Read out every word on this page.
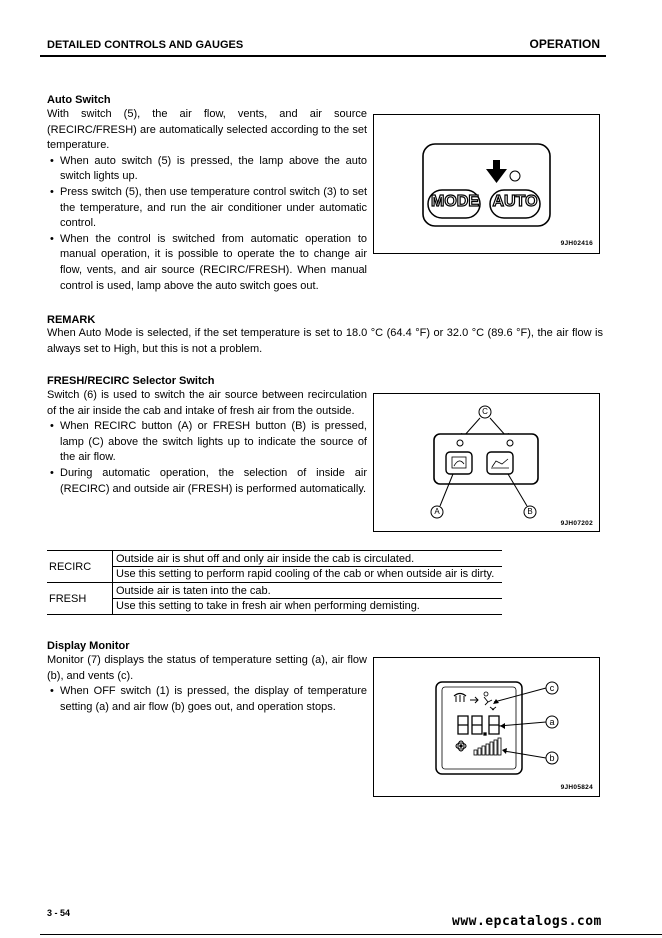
DETAILED CONTROLS AND GAUGES	OPERATION
Auto Switch
With switch (5), the air flow, vents, and air source (RECIRC/FRESH) are automatically selected according to the set temperature.
• When auto switch (5) is pressed, the lamp above the auto switch lights up.
• Press switch (5), then use temperature control switch (3) to set the temperature, and run the air conditioner under automatic control.
• When the control is switched from automatic operation to manual operation, it is possible to operate the to change air flow, vents, and air source (RECIRC/FRESH). When manual control is used, lamp above the auto switch goes out.
MODE AUTO
9JH02416
REMARK
When Auto Mode is selected, if the set temperature is set to 18.0 °C (64.4 °F) or 32.0 °C (89.6 °F), the air flow is always set to High, but this is not a problem.
FRESH/RECIRC Selector Switch
Switch (6) is used to switch the air source between recirculation of the air inside the cab and intake of fresh air from the outside.
• When RECIRC button (A) or FRESH button (B) is pressed, lamp (C) above the switch lights up to indicate the source of the air flow.
• During automatic operation, the selection of inside air (RECIRC) and outside air (FRESH) is performed automatically.
C
A	B
9JH07202
RECIRC	Outside air is shut off and only air inside the cab is circulated.
Use this setting to perform rapid cooling of the cab or when outside air is dirty.

FRESH	Outside air is taten into the cab.
Use this setting to take in fresh air when performing demisting.
Display Monitor
Monitor (7) displays the status of temperature setting (a), air flow (b), and vents (c).
• When OFF switch (1) is pressed, the display of temperature setting (a) and air flow (b) goes out, and operation stops.
c
a
b
9JH05824
3 - 54
www.epcatalogs.com
